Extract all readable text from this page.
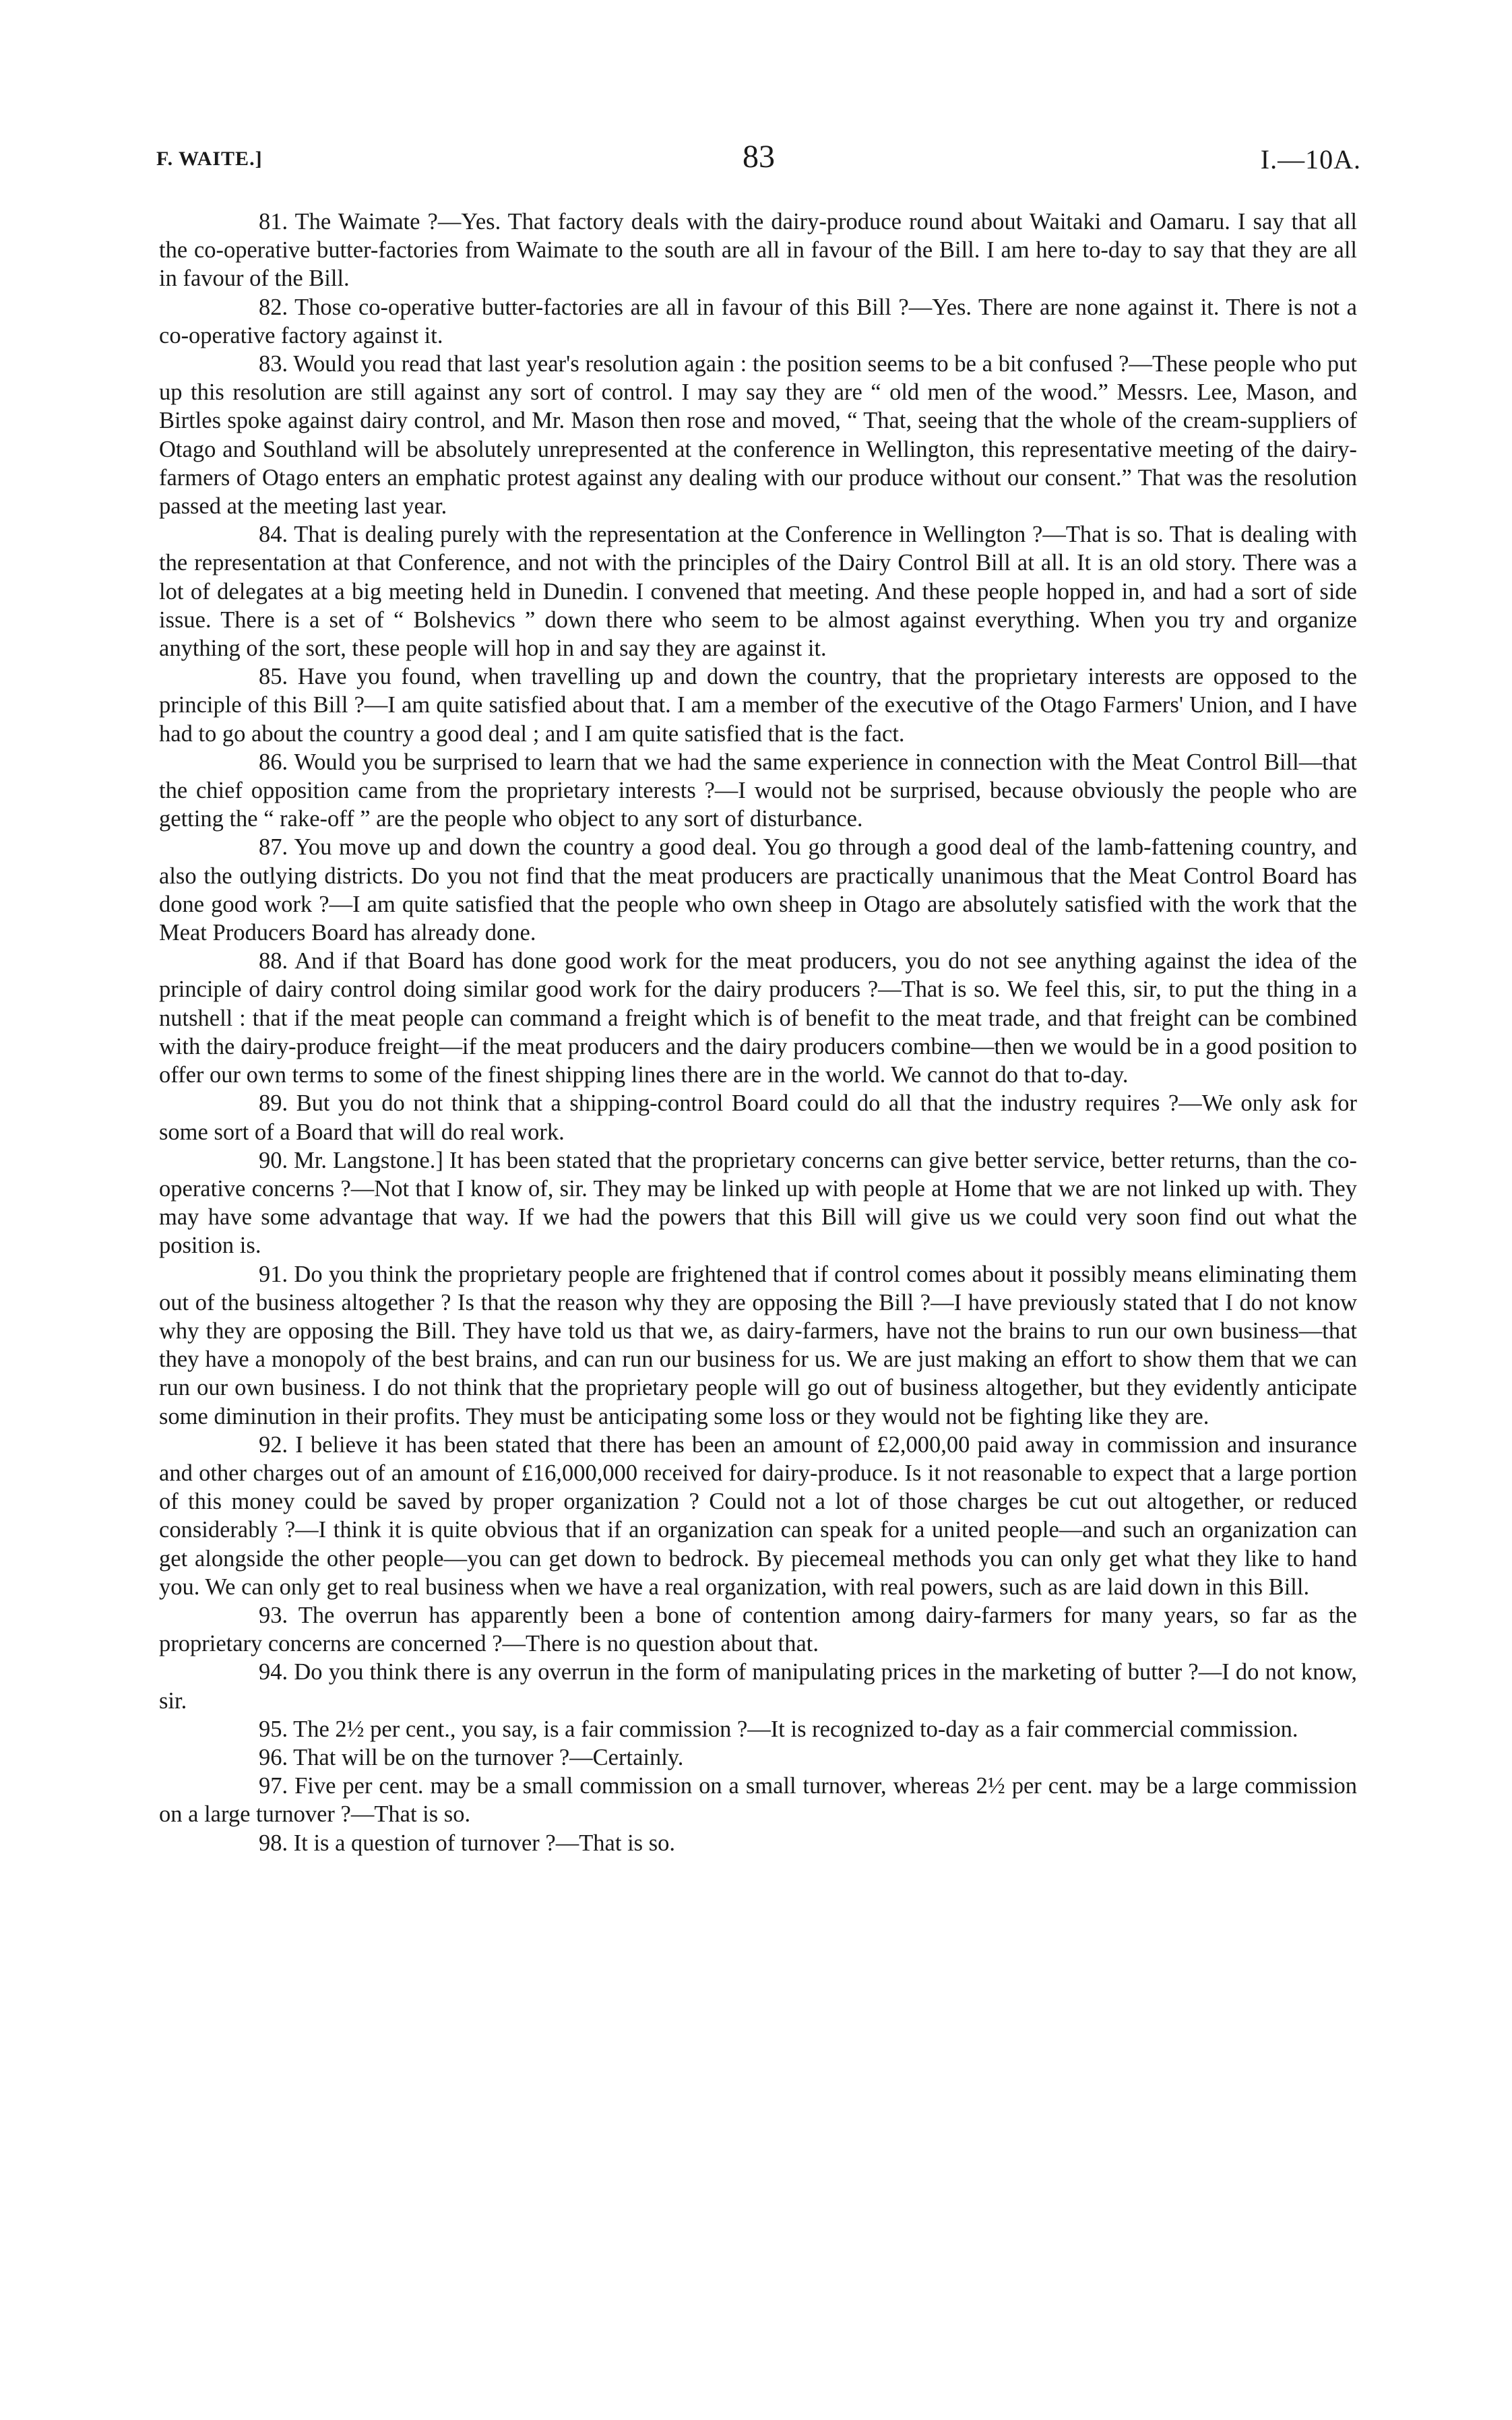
F. WAITE.]	83	I.—10A.

81. The Waimate ?—Yes. That factory deals with the dairy-produce round about Waitaki and Oamaru. I say that all the co-operative butter-factories from Waimate to the south are all in favour of the Bill. I am here to-day to say that they are all in favour of the Bill.

82. Those co-operative butter-factories are all in favour of this Bill ?—Yes. There are none against it. There is not a co-operative factory against it.

83. Would you read that last year's resolution again : the position seems to be a bit confused ?—These people who put up this resolution are still against any sort of control. I may say they are “ old men of the wood.” Messrs. Lee, Mason, and Birtles spoke against dairy control, and Mr. Mason then rose and moved, “ That, seeing that the whole of the cream-suppliers of Otago and Southland will be absolutely unrepresented at the conference in Wellington, this representative meeting of the dairy-farmers of Otago enters an emphatic protest against any dealing with our produce without our consent.” That was the resolution passed at the meeting last year.

84. That is dealing purely with the representation at the Conference in Wellington ?—That is so. That is dealing with the representation at that Conference, and not with the principles of the Dairy Control Bill at all. It is an old story. There was a lot of delegates at a big meeting held in Dunedin. I convened that meeting. And these people hopped in, and had a sort of side issue. There is a set of “ Bolshevics ” down there who seem to be almost against everything. When you try and organize anything of the sort, these people will hop in and say they are against it.

85. Have you found, when travelling up and down the country, that the proprietary interests are opposed to the principle of this Bill ?—I am quite satisfied about that. I am a member of the executive of the Otago Farmers' Union, and I have had to go about the country a good deal ; and I am quite satisfied that is the fact.

86. Would you be surprised to learn that we had the same experience in connection with the Meat Control Bill—that the chief opposition came from the proprietary interests ?—I would not be surprised, because obviously the people who are getting the “ rake-off ” are the people who object to any sort of disturbance.

87. You move up and down the country a good deal. You go through a good deal of the lamb-fattening country, and also the outlying districts. Do you not find that the meat producers are practically unanimous that the Meat Control Board has done good work ?—I am quite satisfied that the people who own sheep in Otago are absolutely satisfied with the work that the Meat Producers Board has already done.

88. And if that Board has done good work for the meat producers, you do not see anything against the idea of the principle of dairy control doing similar good work for the dairy producers ?—That is so. We feel this, sir, to put the thing in a nutshell : that if the meat people can command a freight which is of benefit to the meat trade, and that freight can be combined with the dairy-produce freight—if the meat producers and the dairy producers combine—then we would be in a good position to offer our own terms to some of the finest shipping lines there are in the world. We cannot do that to-day.

89. But you do not think that a shipping-control Board could do all that the industry requires ?—We only ask for some sort of a Board that will do real work.

90. Mr. Langstone.] It has been stated that the proprietary concerns can give better service, better returns, than the co-operative concerns ?—Not that I know of, sir. They may be linked up with people at Home that we are not linked up with. They may have some advantage that way. If we had the powers that this Bill will give us we could very soon find out what the position is.

91. Do you think the proprietary people are frightened that if control comes about it possibly means eliminating them out of the business altogether ? Is that the reason why they are opposing the Bill ?—I have previously stated that I do not know why they are opposing the Bill. They have told us that we, as dairy-farmers, have not the brains to run our own business—that they have a monopoly of the best brains, and can run our business for us. We are just making an effort to show them that we can run our own business. I do not think that the proprietary people will go out of business altogether, but they evidently anticipate some diminution in their profits. They must be anticipating some loss or they would not be fighting like they are.

92. I believe it has been stated that there has been an amount of £2,000,00 paid away in commission and insurance and other charges out of an amount of £16,000,000 received for dairy-produce. Is it not reasonable to expect that a large portion of this money could be saved by proper organization ? Could not a lot of those charges be cut out altogether, or reduced considerably ?—I think it is quite obvious that if an organization can speak for a united people—and such an organization can get alongside the other people—you can get down to bedrock. By piecemeal methods you can only get what they like to hand you. We can only get to real business when we have a real organization, with real powers, such as are laid down in this Bill.

93. The overrun has apparently been a bone of contention among dairy-farmers for many years, so far as the proprietary concerns are concerned ?—There is no question about that.

94. Do you think there is any overrun in the form of manipulating prices in the marketing of butter ?—I do not know, sir.

95. The 2½ per cent., you say, is a fair commission ?—It is recognized to-day as a fair commercial commission.

96. That will be on the turnover ?—Certainly.

97. Five per cent. may be a small commission on a small turnover, whereas 2½ per cent. may be a large commission on a large turnover ?—That is so.

98. It is a question of turnover ?—That is so.
